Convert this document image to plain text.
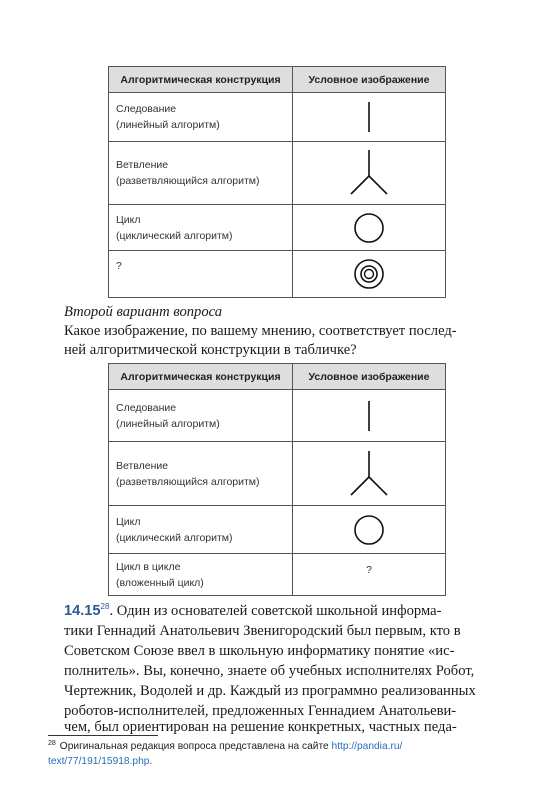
Алгоритмическая конструкция	Условное изображение

Следование
(линейный алгоритм)

Ветвление
(разветвляющийся алгоритм)

Цикл
(циклический алгоритм)

?

Второй вариант вопроса
Какое изображение, по вашему мнению, соответствует послед-
ней алгоритмической конструкции в табличке?
Алгоритмическая конструкция	Условное изображение

Следование
(линейный алгоритм)

Ветвление
(разветвляющийся алгоритм)

Цикл
(циклический алгоритм)

Цикл в цикле
(вложенный цикл)	?
14.15$^{28}$. Один из основателей советской школьной информа-
тики Геннадий Анатольевич Звенигородский был первым, кто в
Советском Союзе ввел в школьную информатику понятие «ис-
полнитель». Вы, конечно, знаете об учебных исполнителях Робот,
Чертежник, Водолей и др. Каждый из программно реализованных
роботов-исполнителей, предложенных Геннадием Анатольеви-
чем, был ориентирован на решение конкретных, частных педа-
$^{28}$ Оригинальная редакция вопроса представлена на сайте http://pandia.ru/
text/77/191/15918.php.
